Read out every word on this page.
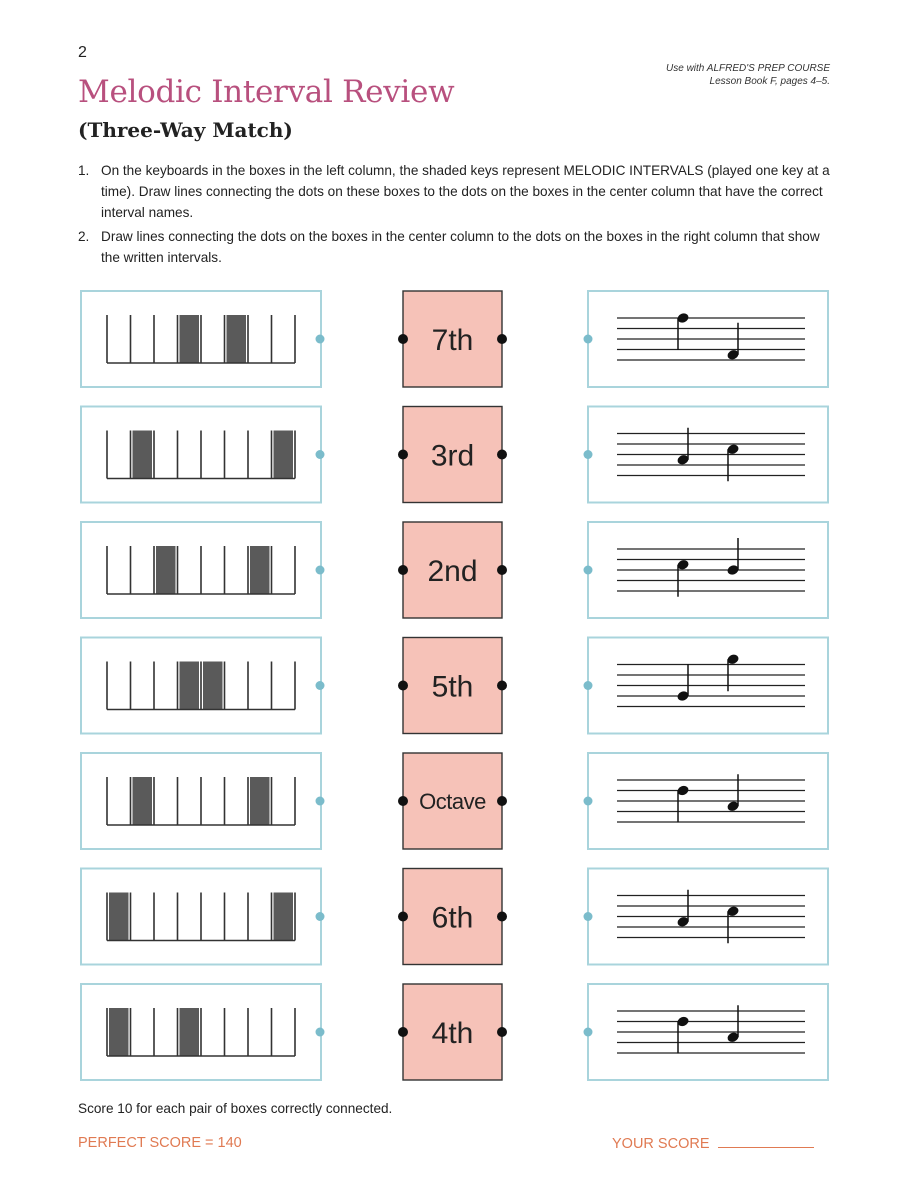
2
Use with ALFRED'S PREP COURSE
Lesson Book F, pages 4–5.
Melodic Interval Review
(Three-Way Match)
1. On the keyboards in the boxes in the left column, the shaded keys represent MELODIC INTERVALS (played one key at a time). Draw lines connecting the dots on these boxes to the dots on the boxes in the center column that have the correct interval names.
2. Draw lines connecting the dots on the boxes in the center column to the dots on the boxes in the right column that show the written intervals.
7th
3rd
2nd
5th
Octave
6th
4th
Score 10 for each pair of boxes correctly connected.
PERFECT SCORE = 140	YOUR SCORE
